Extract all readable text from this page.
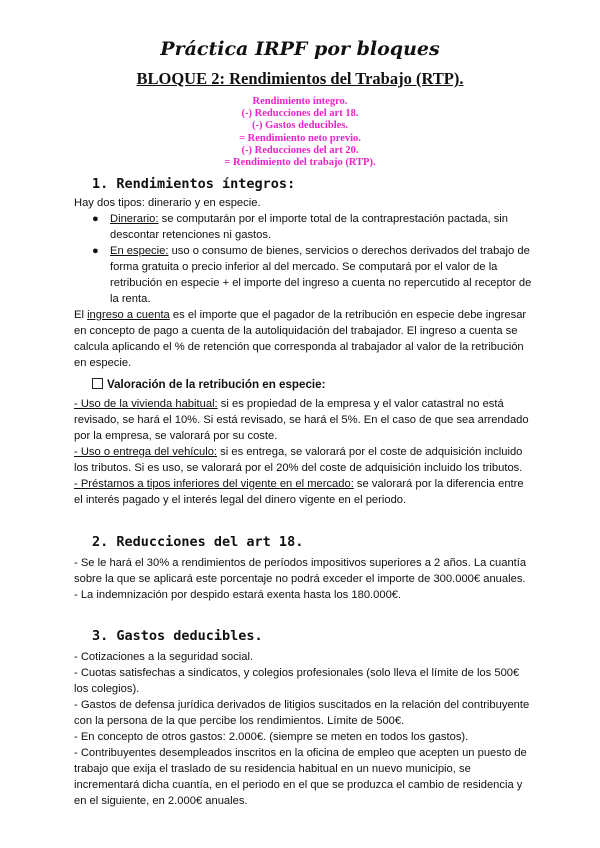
Práctica IRPF por bloques
BLOQUE 2: Rendimientos del Trabajo (RTP).
Rendimiento íntegro.
(-) Reducciones del art 18.
(-) Gastos deducibles.
= Rendimiento neto previo.
(-) Reducciones del art 20.
= Rendimiento del trabajo (RTP).
1. Rendimientos íntegros:

Hay dos tipos: dinerario y en especie.

● Dinerario: se computarán por el importe total de la contraprestación pactada, sin descontar retenciones ni gastos.
● En especie: uso o consumo de bienes, servicios o derechos derivados del trabajo de forma gratuita o precio inferior al del mercado. Se computará por el valor de la retribución en especie + el importe del ingreso a cuenta no repercutido al receptor de la renta.

El ingreso a cuenta es el importe que el pagador de la retribución en especie debe ingresar en concepto de pago a cuenta de la autoliquidación del trabajador. El ingreso a cuenta se calcula aplicando el % de retención que corresponda al trabajador al valor de la retribución en especie.

Valoración de la retribución en especie:

- Uso de la vivienda habitual: si es propiedad de la empresa y el valor catastral no está revisado, se hará el 10%. Si está revisado, se hará el 5%. En el caso de que sea arrendado por la empresa, se valorará por su coste.

- Uso o entrega del vehículo: si es entrega, se valorará por el coste de adquisición incluido los tributos. Si es uso, se valorará por el 20% del coste de adquisición incluido los tributos.

- Préstamos a tipos inferiores del vigente en el mercado: se valorará por la diferencia entre el interés pagado y el interés legal del dinero vigente en el periodo.

2. Reducciones del art 18.

- Se le hará el 30% a rendimientos de períodos impositivos superiores a 2 años. La cuantía sobre la que se aplicará este porcentaje no podrá exceder el importe de 300.000€ anuales.

- La indemnización por despido estará exenta hasta los 180.000€.

3. Gastos deducibles.

- Cotizaciones a la seguridad social.

- Cuotas satisfechas a sindicatos, y colegios profesionales (solo lleva el límite de los 500€ los colegios).

- Gastos de defensa jurídica derivados de litigios suscitados en la relación del contribuyente con la persona de la que percibe los rendimientos. Límite de 500€.

- En concepto de otros gastos: 2.000€. (siempre se meten en todos los gastos).

- Contribuyentes desempleados inscritos en la oficina de empleo que acepten un puesto de trabajo que exija el traslado de su residencia habitual en un nuevo municipio, se incrementará dicha cuantía, en el periodo en el que se produzca el cambio de residencia y en el siguiente, en 2.000€ anuales.
